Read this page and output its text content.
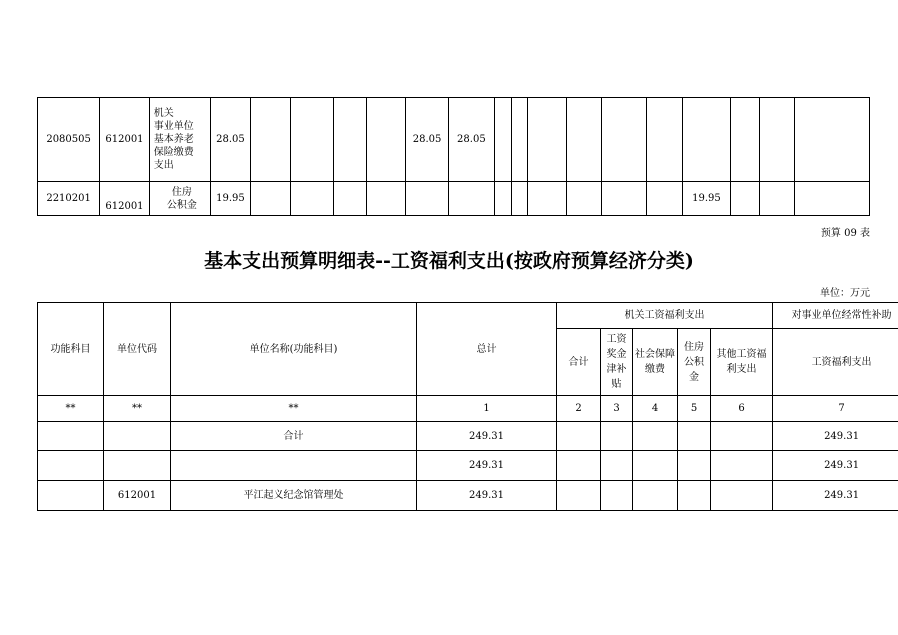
2080505	612001	机关
事业单位
基本养老
保险缴费
支出	28.05					28.05	28.05										
2210201	612001	住房
公积金	19.95													19.95			
预算 09 表
基本支出预算明细表--工资福利支出(按政府预算经济分类)
单位：万元
功能科目	单位代码	单位名称(功能科目)	总计	机关工资福利支出					对事业单位经常性补助
				合计	工资奖金津补贴	社会保障缴费	住房公积金	其他工资福利支出	工资福利支出
**	**	**	1	2	3	4	5	6	7
		合计	249.31						249.31
			249.31						249.31
	612001	平江起义纪念馆管理处	249.31						249.31
